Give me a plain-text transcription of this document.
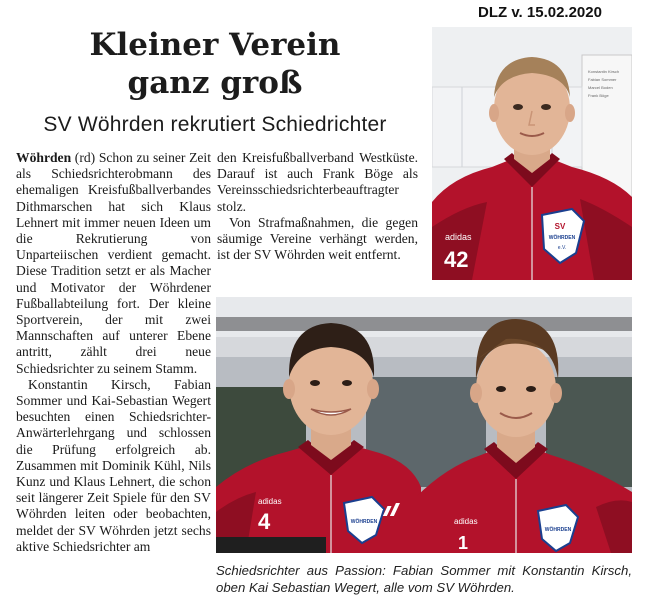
DLZ v. 15.02.2020
Kleiner Verein
ganz groß
SV Wöhrden rekrutiert Schiedrichter

Wöhrden (rd) Schon zu seiner Zeit als Schiedsrichterobmann des ehemaligen Kreisfußballverbandes Dithmarschen hat sich Klaus Lehnert mit immer neuen Ideen um die Rekrutierung von Unparteiischen verdient gemacht. Diese Tradition setzt er als Macher und Motivator der Wöhrdener Fußballabteilung fort. Der kleine Sportverein, der mit zwei Mannschaften auf unterer Ebene antritt, zählt drei neue Schiedsrichter zu seinem Stamm.

Konstantin Kirsch, Fabian Sommer und Kai-Sebastian Wegert besuchten einen Schiedsrichter-Anwärterlehrgang und schlossen die Prüfung erfolgreich ab. Zusammen mit Dominik Kühl, Nils Kunz und Klaus Lehnert, die schon seit längerer Zeit Spiele für den SV Wöhrden leiten oder beobachten, meldet der SV Wöhrden jetzt sechs aktive Schiedsrichter am

den Kreisfußballverband Westküste. Darauf ist auch Frank Böge als Vereinsschiedsrichterbeauftragter stolz.

Von Strafmaßnahmen, die gegen säumige Vereine verhängt werden, ist der SV Wöhrden weit entfernt.

Konstantin Kirsch
Fabian Sommer
Marcel Boden
Frank Böge
adidas
42
SV
WÖHRDEN
e.V.
adidas
4	WÖHRDEN	adidas
1
WÖHRDEN
Schiedsrichter aus Passion: Fabian Sommer mit Konstantin Kirsch, oben Kai Sebastian Wegert, alle vom SV Wöhrden.
